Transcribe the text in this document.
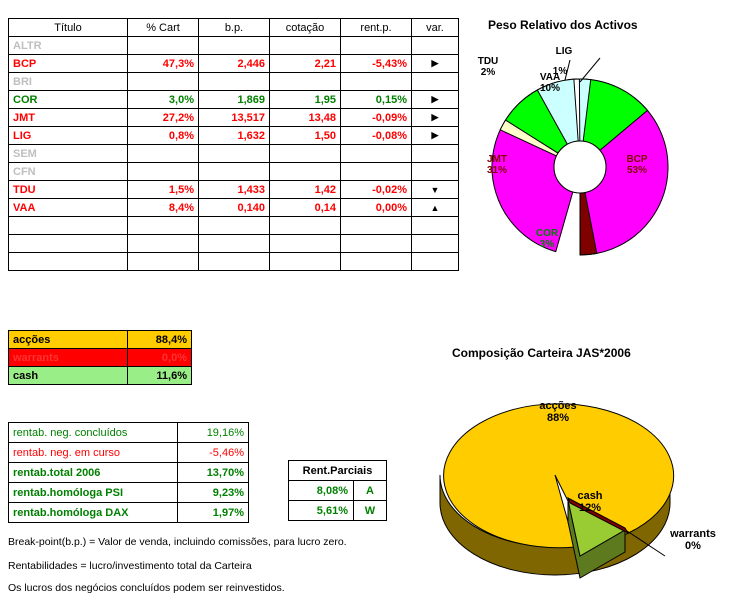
Título	% Cart	b.p.	cotação	rent.p.	var.
ALTR					
BCP	47,3%	2,446	2,21	-5,43%	▶
BRI					
COR	3,0%	1,869	1,95	0,15%	▶
JMT	27,2%	13,517	13,48	-0,09%	▶
LIG	0,8%	1,632	1,50	-0,08%	▶
SEM					
CFN					
TDU	1,5%	1,433	1,42	-0,02%	▼
VAA	8,4%	0,140	0,14	0,00%	▲

acções	88,4%
warrants	0,0%
cash	11,6%
rentab. neg. concluídos	19,16%
rentab. neg. em curso	-5,46%
rentab.total 2006	13,70%
rentab.homóloga PSI	9,23%
rentab.homóloga DAX	1,97%
Rent.Parciais	
8,08%	A
5,61%	W
Break-point(b.p.) = Valor de venda, incluindo comissões, para lucro zero.
Rentabilidades = lucro/investimento total da Carteira
Os lucros dos negócios concluídos podem ser reinvestidos.
Peso Relativo dos Activos
TDU
2%
LIG
1%
VAA
10%
JMT
31%
BCP
53%
COR
3%
Composição Carteira JAS*2006
acções
88%
cash
12%
warrants
0%
